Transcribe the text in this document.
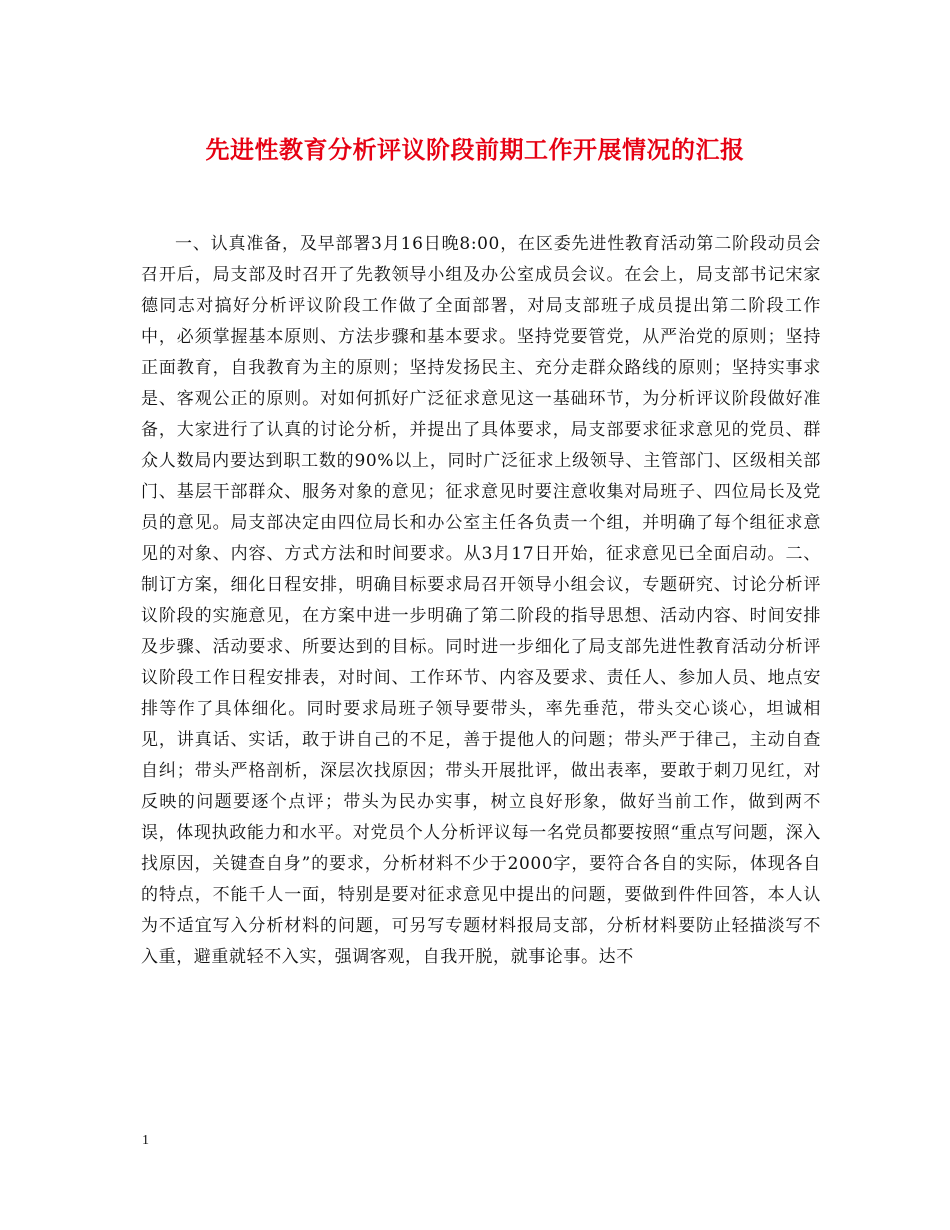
先进性教育分析评议阶段前期工作开展情况的汇报

一、认真准备，及早部署3月16日晚8:00，在区委先进性教育活动第二阶段动员会召开后，局支部及时召开了先教领导小组及办公室成员会议。在会上，局支部书记宋家德同志对搞好分析评议阶段工作做了全面部署，对局支部班子成员提出第二阶段工作中，必须掌握基本原则、方法步骤和基本要求。坚持党要管党，从严治党的原则；坚持正面教育，自我教育为主的原则；坚持发扬民主、充分走群众路线的原则；坚持实事求是、客观公正的原则。对如何抓好广泛征求意见这一基础环节，为分析评议阶段做好准备，大家进行了认真的讨论分析，并提出了具体要求，局支部要求征求意见的党员、群众人数局内要达到职工数的90%以上，同时广泛征求上级领导、主管部门、区级相关部门、基层干部群众、服务对象的意见；征求意见时要注意收集对局班子、四位局长及党员的意见。局支部决定由四位局长和办公室主任各负责一个组，并明确了每个组征求意见的对象、内容、方式方法和时间要求。从3月17日开始，征求意见已全面启动。二、制订方案，细化日程安排，明确目标要求局召开领导小组会议，专题研究、讨论分析评议阶段的实施意见，在方案中进一步明确了第二阶段的指导思想、活动内容、时间安排及步骤、活动要求、所要达到的目标。同时进一步细化了局支部先进性教育活动分析评议阶段工作日程安排表，对时间、工作环节、内容及要求、责任人、参加人员、地点安排等作了具体细化。同时要求局班子领导要带头，率先垂范，带头交心谈心，坦诚相见，讲真话、实话，敢于讲自己的不足，善于提他人的问题；带头严于律己，主动自查自纠；带头严格剖析，深层次找原因；带头开展批评，做出表率，要敢于刺刀见红，对反映的问题要逐个点评；带头为民办实事，树立良好形象，做好当前工作，做到两不误，体现执政能力和水平。对党员个人分析评议每一名党员都要按照“重点写问题，深入找原因，关键查自身”的要求，分析材料不少于2000字，要符合各自的实际，体现各自的特点，不能千人一面，特别是要对征求意见中提出的问题，要做到件件回答，本人认为不适宜写入分析材料的问题，可另写专题材料报局支部，分析材料要防止轻描淡写不入重，避重就轻不入实，强调客观，自我开脱，就事论事。达不

1
